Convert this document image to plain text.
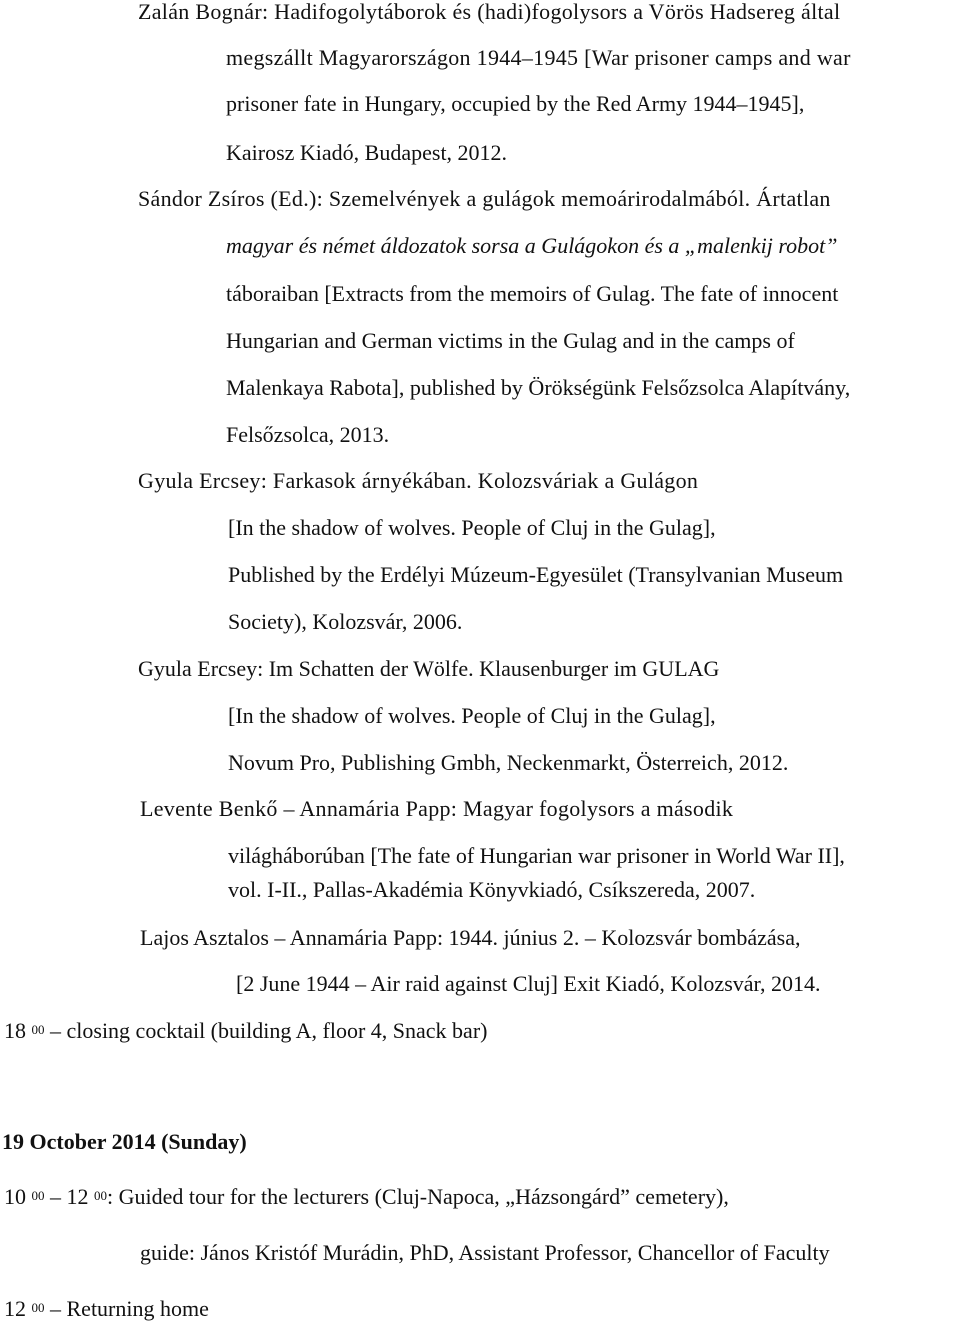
Zalán Bognár: Hadifogolytáborok és (hadi)fogolysors a Vörös Hadsereg által
megszállt Magyarországon 1944–1945 [War prisoner camps and war
prisoner fate in Hungary, occupied by the Red Army 1944–1945],
Kairosz Kiadó, Budapest, 2012.
Sándor Zsíros (Ed.): Szemelvények a gulágok memoárirodalmából. Ártatlan
magyar és német áldozatok sorsa a Gulágokon és a „malenkij robot”
táboraiban [Extracts from the memoirs of Gulag. The fate of innocent
Hungarian and German victims in the Gulag and in the camps of
Malenkaya Rabota], published by Örökségünk Felsőzsolca Alapítvány,
Felsőzsolca, 2013.
Gyula Ercsey: Farkasok árnyékában. Kolozsváriak a Gulágon
[In the shadow of wolves. People of Cluj in the Gulag],
Published by the Erdélyi Múzeum-Egyesület (Transylvanian Museum
Society), Kolozsvár, 2006.
Gyula Ercsey: Im Schatten der Wölfe. Klausenburger im GULAG
[In the shadow of wolves. People of Cluj in the Gulag],
Novum Pro, Publishing Gmbh, Neckenmarkt, Österreich, 2012.
Levente Benkő – Annamária Papp: Magyar fogolysors a második
világháborúban [The fate of Hungarian war prisoner in World War II],
vol. I-II., Pallas-Akadémia Könyvkiadó, Csíkszereda, 2007.
Lajos Asztalos – Annamária Papp: 1944. június 2. – Kolozsvár bombázása,
[2 June 1944 – Air raid against Cluj] Exit Kiadó, Kolozsvár, 2014.
18 $^{00}$ – closing cocktail (building A, floor 4, Snack bar)
19 October 2014 (Sunday)
10 $^{00}$ – 12 $^{00}$: Guided tour for the lecturers (Cluj-Napoca, „Házsongárd” cemetery),
guide: János Kristóf Murádin, PhD, Assistant Professor, Chancellor of Faculty
12 $^{00}$ – Returning home
